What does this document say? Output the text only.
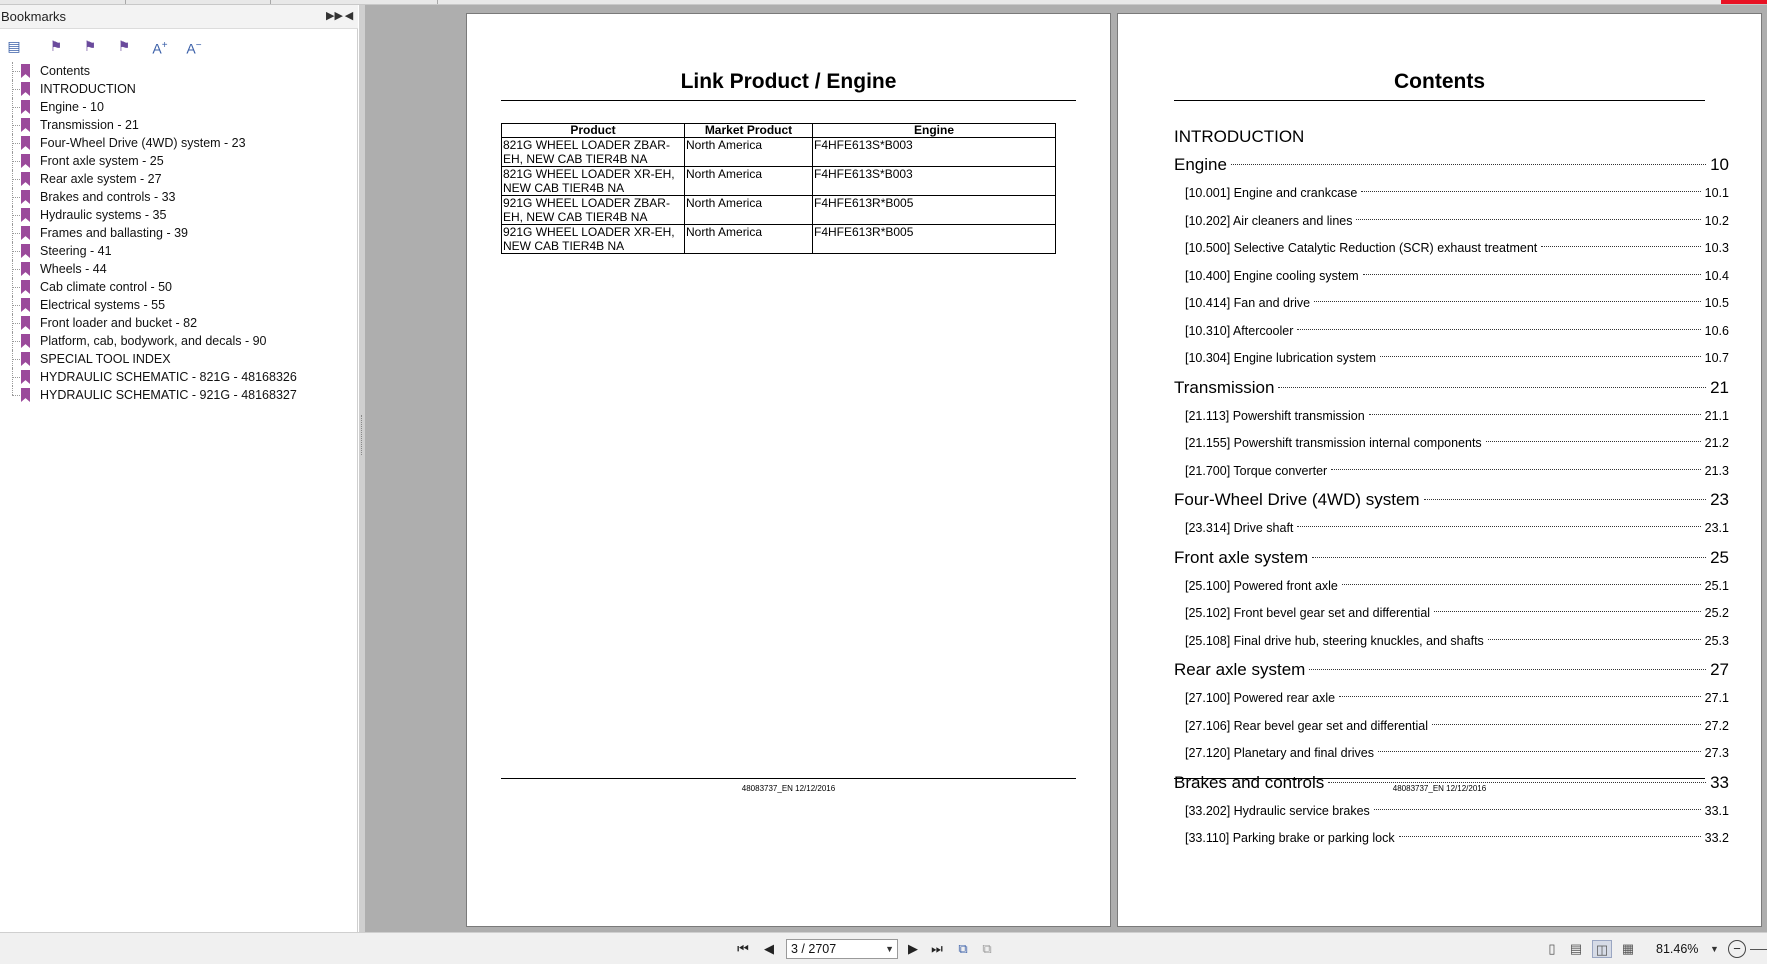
Bookmarks	▶▶ ◀
▤	⚑	⚑	⚑	A+	A−
Contents
INTRODUCTION
Engine - 10
Transmission - 21
Four-Wheel Drive (4WD) system - 23
Front axle system - 25
Rear axle system - 27
Brakes and controls - 33
Hydraulic systems - 35
Frames and ballasting - 39
Steering - 41
Wheels - 44
Cab climate control - 50
Electrical systems - 55
Front loader and bucket - 82
Platform, cab, bodywork, and decals - 90
SPECIAL TOOL INDEX
HYDRAULIC SCHEMATIC - 821G - 48168326
HYDRAULIC SCHEMATIC - 921G - 48168327
Link Product / Engine
Product	Market Product	Engine
821G WHEEL LOADER ZBAR-EH, NEW CAB TIER4B NA	North America	F4HFE613S*B003
821G WHEEL LOADER XR-EH, NEW CAB TIER4B NA	North America	F4HFE613S*B003
921G WHEEL LOADER ZBAR-EH, NEW CAB TIER4B NA	North America	F4HFE613R*B005
921G WHEEL LOADER XR-EH, NEW CAB TIER4B NA	North America	F4HFE613R*B005
48083737_EN 12/12/2016
Contents
INTRODUCTION
Engine	10
[10.001] Engine and crankcase	10.1
[10.202] Air cleaners and lines	10.2
[10.500] Selective Catalytic Reduction (SCR) exhaust treatment	10.3
[10.400] Engine cooling system	10.4
[10.414] Fan and drive	10.5
[10.310] Aftercooler	10.6
[10.304] Engine lubrication system	10.7
Transmission	21
[21.113] Powershift transmission	21.1
[21.155] Powershift transmission internal components	21.2
[21.700] Torque converter	21.3
Four-Wheel Drive (4WD) system	23
[23.314] Drive shaft	23.1
Front axle system	25
[25.100] Powered front axle	25.1
[25.102] Front bevel gear set and differential	25.2
[25.108] Final drive hub, steering knuckles, and shafts	25.3
Rear axle system	27
[27.100] Powered rear axle	27.1
[27.106] Rear bevel gear set and differential	27.2
[27.120] Planetary and final drives	27.3
Brakes and controls	33
[33.202] Hydraulic service brakes	33.1
[33.110] Parking brake or parking lock	33.2
48083737_EN 12/12/2016
⏮	◀	3 / 2707	▼	▶	⏭	⧉	⧉	▯	▤ ◫ ▦	81.46% ▼	−
